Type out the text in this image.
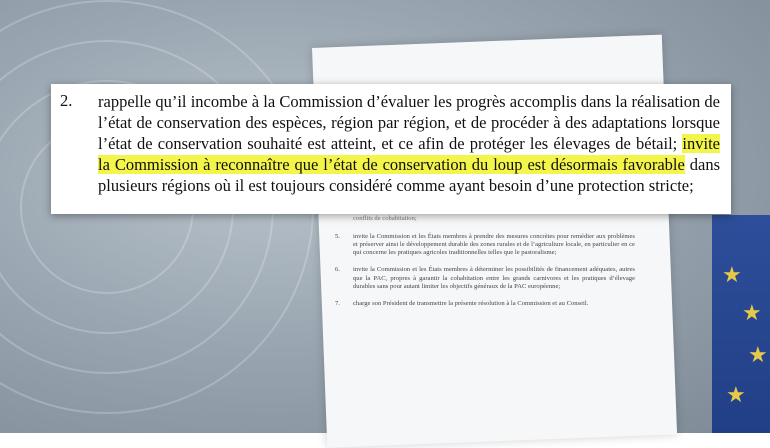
★
★
★
★
conflits de cohabitation;
5.	invite la Commission et les États membres à prendre des mesures concrètes pour remédier aux problèmes et préserver ainsi le développement durable des zones rurales et de l’agriculture locale, en particulier en ce qui concerne les pratiques agricoles traditionnelles telles que le pastoralisme;
6.	invite la Commission et les États membres à déterminer les possibilités de financement adéquates, autres que la PAC, propres à garantir la cohabitation entre les grands carnivores et les pratiques d’élevage durables sans pour autant limiter les objectifs généraux de la PAC européenne;
7.	charge son Président de transmettre la présente résolution à la Commission et au Conseil.
2. rappelle qu’il incombe à la Commission d’évaluer les progrès accomplis dans la réalisation de l’état de conservation des espèces, région par région, et de procéder à des adaptations lorsque l’état de conservation souhaité est atteint, et ce afin de protéger les élevages de bétail; invite la Commission à reconnaître que l’état de conservation du loup est désormais favorable dans plusieurs régions où il est toujours considéré comme ayant besoin d’une protection stricte;
